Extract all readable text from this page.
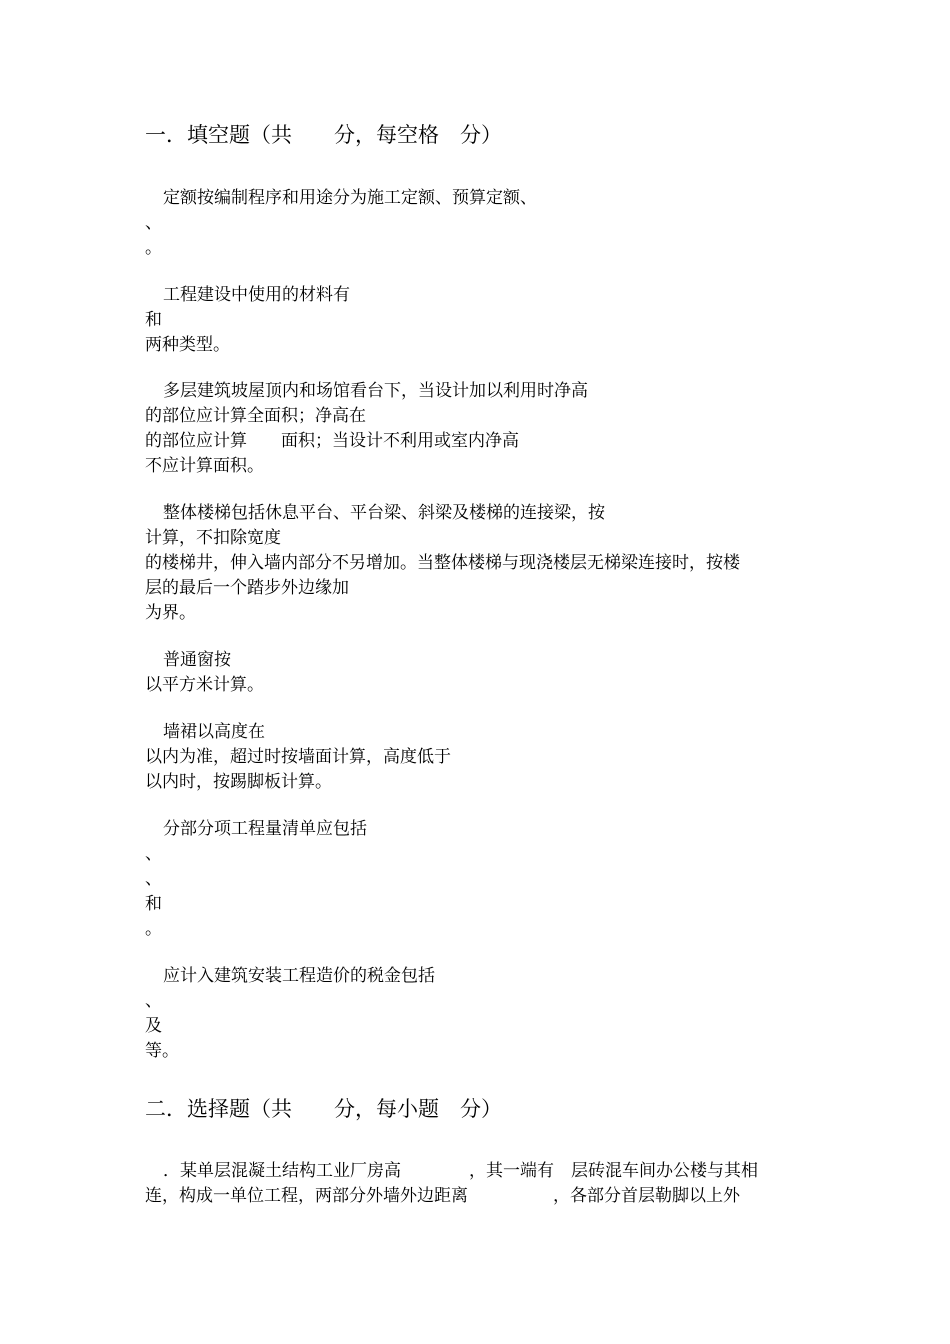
一．填空题（共　　分，每空格　分）
定额按编制程序和用途分为施工定额、预算定额、
、
。
工程建设中使用的材料有
和
两种类型。
多层建筑坡屋顶内和场馆看台下，当设计加以利用时净高
的部位应计算全面积；净高在
的部位应计算　　面积；当设计不利用或室内净高
不应计算面积。
整体楼梯包括休息平台、平台梁、斜梁及楼梯的连接梁，按
计算，不扣除宽度
的楼梯井，伸入墙内部分不另增加。当整体楼梯与现浇楼层无梯梁连接时，按楼
层的最后一个踏步外边缘加
为界。
普通窗按
以平方米计算。
墙裙以高度在
以内为准，超过时按墙面计算，高度低于
以内时，按踢脚板计算。
分部分项工程量清单应包括
、
、
和
。
应计入建筑安装工程造价的税金包括
、
及
等。
二．选择题（共　　分，每小题　分）
．某单层混凝土结构工业厂房高　　　　，其一端有　层砖混车间办公楼与其相
连，构成一单位工程，两部分外墙外边距离　　　　　，各部分首层勒脚以上外
